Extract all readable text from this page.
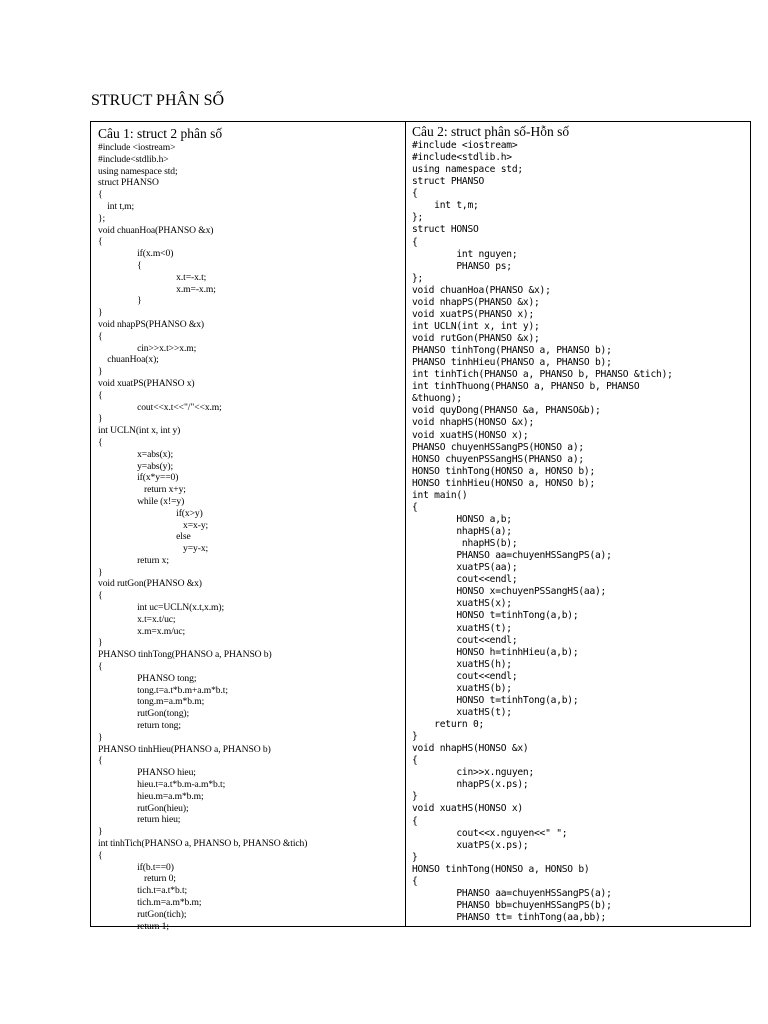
STRUCT PHÂN SỐ
Câu 1: struct 2 phân số
#include <iostream>
#include<stdlib.h>
using namespace std;
struct PHANSO
{
int t,m;
};
void chuanHoa(PHANSO &x)
{
if(x.m<0)
{
x.t=-x.t;
x.m=-x.m;
}
}
void nhapPS(PHANSO &x)
{
cin>>x.t>>x.m;
chuanHoa(x);
}
void xuatPS(PHANSO x)
{
cout<<x.t<<"/"<<x.m;
}
int UCLN(int x, int y)
{
x=abs(x);
y=abs(y);
if(x*y==0)
return x+y;
while (x!=y)
if(x>y)
x=x-y;
else
y=y-x;
return x;
}
void rutGon(PHANSO &x)
{
int uc=UCLN(x.t,x.m);
x.t=x.t/uc;
x.m=x.m/uc;
}
PHANSO tinhTong(PHANSO a, PHANSO b)
{
PHANSO tong;
tong.t=a.t*b.m+a.m*b.t;
tong.m=a.m*b.m;
rutGon(tong);
return tong;
}
PHANSO tinhHieu(PHANSO a, PHANSO b)
{
PHANSO hieu;
hieu.t=a.t*b.m-a.m*b.t;
hieu.m=a.m*b.m;
rutGon(hieu);
return hieu;
}
int tinhTich(PHANSO a, PHANSO b, PHANSO &tich)
{
if(b.t==0)
return 0;
tich.t=a.t*b.t;
tich.m=a.m*b.m;
rutGon(tich);
return 1;
Câu 2: struct phân số-Hỗn số
#include <iostream>
#include<stdlib.h>
using namespace std;
struct PHANSO
{
int t,m;
};
struct HONSO
{
int nguyen;
PHANSO ps;
};
void chuanHoa(PHANSO &x);
void nhapPS(PHANSO &x);
void xuatPS(PHANSO x);
int UCLN(int x, int y);
void rutGon(PHANSO &x);
PHANSO tinhTong(PHANSO a, PHANSO b);
PHANSO tinhHieu(PHANSO a, PHANSO b);
int tinhTich(PHANSO a, PHANSO b, PHANSO &tich);
int tinhThuong(PHANSO a, PHANSO b, PHANSO
&thuong);
void quyDong(PHANSO &a, PHANSO&b);
void nhapHS(HONSO &x);
void xuatHS(HONSO x);
PHANSO chuyenHSSangPS(HONSO a);
HONSO chuyenPSSangHS(PHANSO a);
HONSO tinhTong(HONSO a, HONSO b);
HONSO tinhHieu(HONSO a, HONSO b);
int main()
{
HONSO a,b;
nhapHS(a);
nhapHS(b);
PHANSO aa=chuyenHSSangPS(a);
xuatPS(aa);
cout<<endl;
HONSO x=chuyenPSSangHS(aa);
xuatHS(x);
HONSO t=tinhTong(a,b);
xuatHS(t);
cout<<endl;
HONSO h=tinhHieu(a,b);
xuatHS(h);
cout<<endl;
xuatHS(b);
HONSO t=tinhTong(a,b);
xuatHS(t);
return 0;
}
void nhapHS(HONSO &x)
{
cin>>x.nguyen;
nhapPS(x.ps);
}
void xuatHS(HONSO x)
{
cout<<x.nguyen<<" ";
xuatPS(x.ps);
}
HONSO tinhTong(HONSO a, HONSO b)
{
PHANSO aa=chuyenHSSangPS(a);
PHANSO bb=chuyenHSSangPS(b);
PHANSO tt= tinhTong(aa,bb);
